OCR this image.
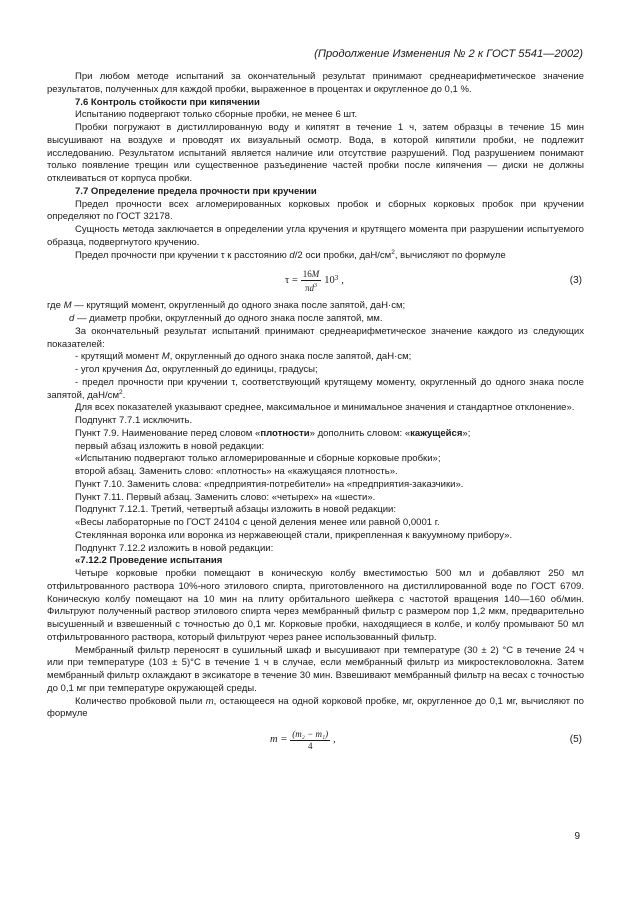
(Продолжение Изменения № 2 к ГОСТ 5541—2002)

При любом методе испытаний за окончательный результат принимают среднеарифметическое значение результатов, полученных для каждой пробки, выраженное в процентах и округленное до 0,1 %.

7.6 Контроль стойкости при кипячении

Испытанию подвергают только сборные пробки, не менее 6 шт.

Пробки погружают в дистиллированную воду и кипятят в течение 1 ч, затем образцы в течение 15 мин высушивают на воздухе и проводят их визуальный осмотр. Вода, в которой кипятили пробки, не подлежит исследованию. Результатом испытаний является наличие или отсутствие разрушений. Под разрушением понимают только появление трещин или существенное разъединение частей пробки после кипячения — диски не должны отклеиваться от корпуса пробки.

7.7 Определение предела прочности при кручении

Предел прочности всех агломерированных корковых пробок и сборных корковых пробок при кручении определяют по ГОСТ 32178.

Сущность метода заключается в определении угла кручения и крутящего момента при разрушении испытуемого образца, подвергнутого кручению.

Предел прочности при кручении τ к расстоянию d/2 оси пробки, даН/$см^2$, вычисляют по формуле

$\tau = \frac{16M}{\pi d^3} 10^3$ ,	(3)

где M — крутящий момент, округленный до одного знака после запятой, даН·см;

d — диаметр пробки, округленный до одного знака после запятой, мм.

За окончательный результат испытаний принимают среднеарифметическое значение каждого из следующих показателей:

- крутящий момент M, округленный до одного знака после запятой, даН·см;

- угол кручения Δα, округленный до единицы, градусы;

- предел прочности при кручении τ, соответствующий крутящему моменту, округленный до одного знака после запятой, даН/$см^2$.

Для всех показателей указывают среднее, максимальное и минимальное значения и стандартное отклонение».

Подпункт 7.7.1 исключить.

Пункт 7.9. Наименование перед словом «плотности» дополнить словом: «кажущейся»;

первый абзац изложить в новой редакции:

«Испытанию подвергают только агломерированные и сборные корковые пробки»;

второй абзац. Заменить слово: «плотность» на «кажущаяся плотность».

Пункт 7.10. Заменить слова: «предприятия-потребители» на «предприятия-заказчики».

Пункт 7.11. Первый абзац. Заменить слово: «четырех» на «шести».

Подпункт 7.12.1. Третий, четвертый абзацы изложить в новой редакции:

«Весы лабораторные по ГОСТ 24104 с ценой деления менее или равной 0,0001 г.

Стеклянная воронка или воронка из нержавеющей стали, прикрепленная к вакуумному прибору».

Подпункт 7.12.2 изложить в новой редакции:

«7.12.2 Проведение испытания

Четыре корковые пробки помещают в коническую колбу вместимостью 500 мл и добавляют 250 мл отфильтрованного раствора 10%-ного этилового спирта, приготовленного на дистиллированной воде по ГОСТ 6709. Коническую колбу помещают на 10 мин на плиту орбитального шейкера с частотой вращения 140—160 об/мин. Фильтруют полученный раствор этилового спирта через мембранный фильтр с размером пор 1,2 мкм, предварительно высушенный и взвешенный с точностью до 0,1 мг. Корковые пробки, находящиеся в колбе, и колбу промывают 50 мл отфильтрованного раствора, который фильтруют через ранее использованный фильтр.

Мембранный фильтр переносят в сушильный шкаф и высушивают при температуре (30 ± 2) °С в течение 24 ч или при температуре (103 ± 5)°С в течение 1 ч в случае, если мембранный фильтр из микростекловолокна. Затем мембранный фильтр охлаждают в эксикаторе в течение 30 мин. Взвешивают мембранный фильтр на весах с точностью до 0,1 мг при температуре окружающей среды.

Количество пробковой пыли m, остающееся на одной корковой пробке, мг, округленное до 0,1 мг, вычисляют по формуле

$m = \frac{\text{(m₂ − m₁)}}{4}$ ,	(5)
9
